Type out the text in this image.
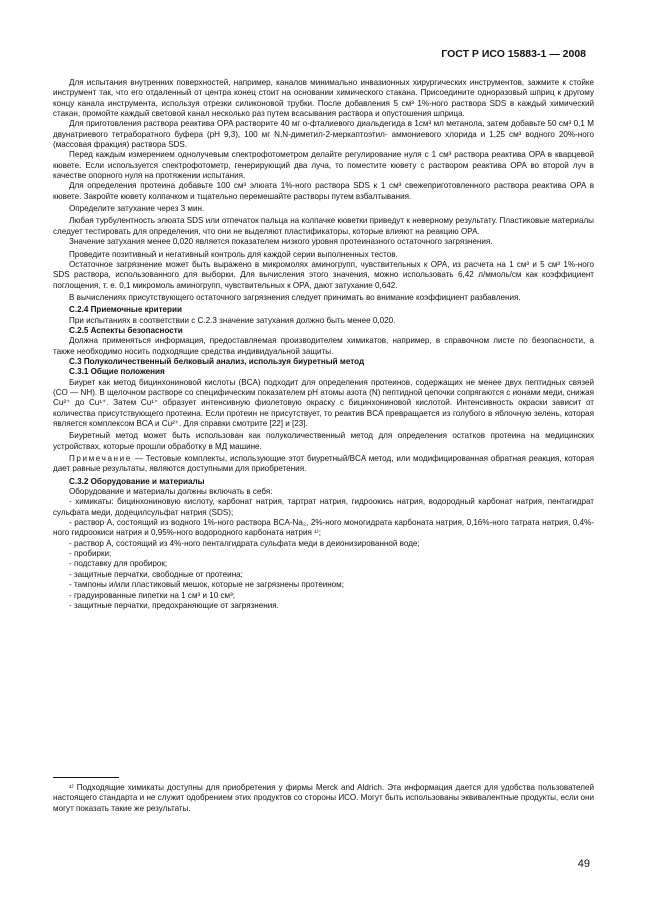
ГОСТ Р ИСО 15883-1 — 2008

Для испытания внутренних поверхностей, например, каналов минимально инвазионных хирургических инструментов, зажмите к стойке инструмент так, что его отдаленный от центра конец стоит на основании химического стакана. Присоедините одноразовый шприц к другому концу канала инструмента, используя отрезки силиконовой трубки. После добавления 5 см³ 1%-ного раствора SDS в каждый химический стакан, промойте каждый световой канал несколько раз путем всасывания раствора и опустошения шприца.

Для приготовления раствора реактива OPA растворите 40 мг о-фталиевого диальдегида в 1см³ мл метанола, затем добавьте 50 см³ 0,1 М двунатриевого тетраборатного буфера (рН 9,3), 100 мг N,N-диметил-2-меркаптоэтил- аммониевого хлорида и 1,25 см³ водного 20%-ного (массовая фракция) раствора SDS.

Перед каждым измерением однолучевым спектрофотометром делайте регулирование нуля с 1 см³ раствора реактива OPA в кварцевой кювете. Если используется спектрофотометр, генерирующий два луча, то поместите кювету с раствором реактива OPA во второй луч в качестве опорного нуля на протяжении испытания.

Для определения протеина добавьте 100 см³ элюата 1%-ного раствора SDS к 1 см³ свежеприготовленного раствора реактива OPA в кювете. Закройте кювету колпачком и тщательно перемешайте растворы путем взбалтывания.

Определите затухание через 3 мин.

Любая турбулентность элюата SDS или отпечаток пальца на колпачке кюветки приведут к неверному результату. Пластиковые материалы следует тестировать для определения, что они не выделяют пластификаторы, которые влияют на реакцию OPA.

Значение затухания менее 0,020 является показателем низкого уровня протеиназного остаточного загрязнения.

Проведите позитивный и негативный контроль для каждой серии выполненных тестов.

Остаточное загрязнение может быть выражено в микромолях аминогрупп, чувствительных к OPA, из расчета на 1 см³ и 5 см³ 1%-ного SDS раствора, использованного для выборки. Для вычисления этого значения, можно использовать 6,42 л/ммоль/см как коэффициент поглощения, т. е. 0,1 микромоль аминогрупп, чувствительных к OPA, дают затухание 0,642.

В вычислениях присутствующего остаточного загрязнения следует принимать во внимание коэффициент разбавления.

С.2.4 Приемочные критерии

При испытаниях в соответствии с С.2.3 значение затухания должно быть менее 0,020.

С.2.5 Аспекты безопасности

Должна применяться информация, предоставляемая производителем химикатов, например, в справочном листе по безопасности, а также необходимо носить подходящие средства индивидуальной защиты.

С.3 Полуколичественный белковый анализ, используя биуретный метод

С.3.1 Общие положения

Биурет как метод бицинхониновой кислоты (BCA) подходит для определения протеинов, содержащих не менее двух пептидных связей (CO — NH). В щелочном растворе со специфическим показателем рН атомы азота (N) пептидной цепочки сопрягаются с ионами меди, снижая Cu²⁺ до Cu¹⁺. Затем Cu¹⁺ образует интенсивную фиолетовую окраску с бицинхониновой кислотой. Интенсивность окраски зависит от количества присутствующего протеина. Если протеин не присутствует, то реактив BCA превращается из голубого в яблочную зелень, которая является комплексом BCA и Cu²⁺. Для справки смотрите [22] и [23].

Биуретный метод может быть использован как полуколичественный метод для определения остатков протеина на медицинских устройствах, которые прошли обработку в МД машине.

Примечание — Тестовые комплекты, использующие этот биуретный/BCA метод, или модифицированная обратная реакция, которая дает равные результаты, являются доступными для приобретения.

С.3.2 Оборудование и материалы

Оборудование и материалы должны включать в себя:

- химикаты: бицинхониновую кислоту, карбонат натрия, тартрат натрия, гидроокись натрия, водородный карбонат натрия, пентагидрат сульфата меди, додецилсульфат натрия (SDS);

- раствор А, состоящий из водного 1%-ного раствора BCA-Na₂, 2%-ного моногидрата карбоната натрия, 0,16%-ного татрата натрия, 0,4%-ного гидроокиси натрия и 0,95%-ного водородного карбоната натрия ¹⁾;

- раствор А, состоящий из 4%-ного пенталгидрата сульфата меди в деионизированной воде;

- пробирки;

- подставку для пробирок;

- защитные перчатки, свободные от протеина;

- тампоны и/или пластиковый мешок, которые не загрязнены протеином;

- градуированные пипетки на 1 см³ и 10 см³;

- защитные перчатки, предохраняющие от загрязнения.

¹⁾ Подходящие химикаты доступны для приобретения у фирмы Merck and Aldrich. Эта информация дается для удобства пользователей настоящего стандарта и не служит одобрением этих продуктов со стороны ИСО. Могут быть использованы эквивалентные продукты, если они могут показать такие же результаты.

49
